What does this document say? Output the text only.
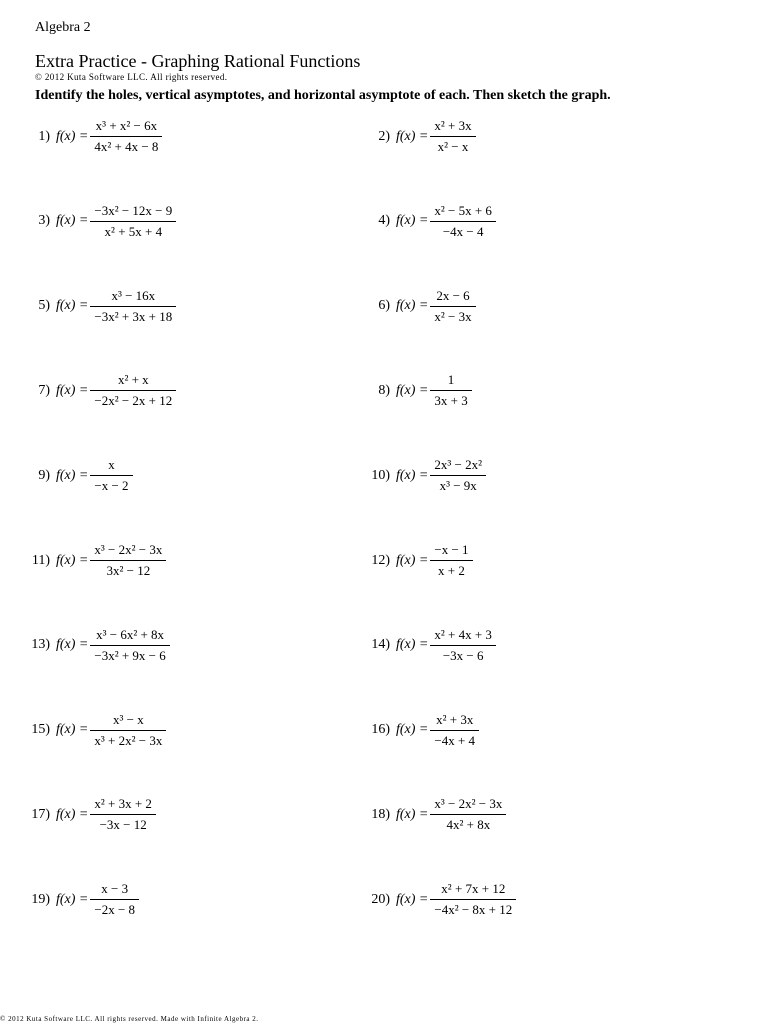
Algebra 2
Extra Practice - Graphing Rational Functions
© 2012 Kuta Software LLC. All rights reserved.
Identify the holes, vertical asymptotes, and horizontal asymptote of each. Then sketch the graph.
1) $f(x) = \frac{\text{x³ + x² − 6x}}{\text{4x² + 4x − 8}}$	2) $f(x) = \frac{\text{x² + 3x}}{\text{x² − x}}$
3) $f(x) = \frac{\text{−3x² − 12x − 9}}{\text{x² + 5x + 4}}$	4) $f(x) = \frac{\text{x² − 5x + 6}}{-4x - 4}$
5) $f(x) = \frac{\text{x³ − 16x}}{\text{−3x² + 3x + 18}}$	6) $f(x) = \frac{2x - 6}{\text{x² − 3x}}$
7) $f(x) = \frac{\text{x² + x}}{\text{−2x² − 2x + 12}}$	8) $f(x) = \frac{1}{3x + 3}$
9) $f(x) = \frac{x}{-x - 2}$	10) $f(x) = \frac{\text{2x³ − 2x²}}{\text{x³ − 9x}}$
11) $f(x) = \frac{\text{x³ − 2x² − 3x}}{\text{3x² − 12}}$	12) $f(x) = \frac{-x - 1}{x + 2}$
13) $f(x) = \frac{\text{x³ − 6x² + 8x}}{\text{−3x² + 9x − 6}}$	14) $f(x) = \frac{\text{x² + 4x + 3}}{-3x - 6}$
15) $f(x) = \frac{\text{x³ − x}}{\text{x³ + 2x² − 3x}}$	16) $f(x) = \frac{\text{x² + 3x}}{-4x + 4}$
17) $f(x) = \frac{\text{x² + 3x + 2}}{-3x - 12}$	18) $f(x) = \frac{\text{x³ − 2x² − 3x}}{\text{4x² + 8x}}$
19) $f(x) = \frac{x - 3}{-2x - 8}$	20) $f(x) = \frac{\text{x² + 7x + 12}}{\text{−4x² − 8x + 12}}$
© 2012 Kuta Software LLC. All rights reserved. Made with Infinite Algebra 2.
